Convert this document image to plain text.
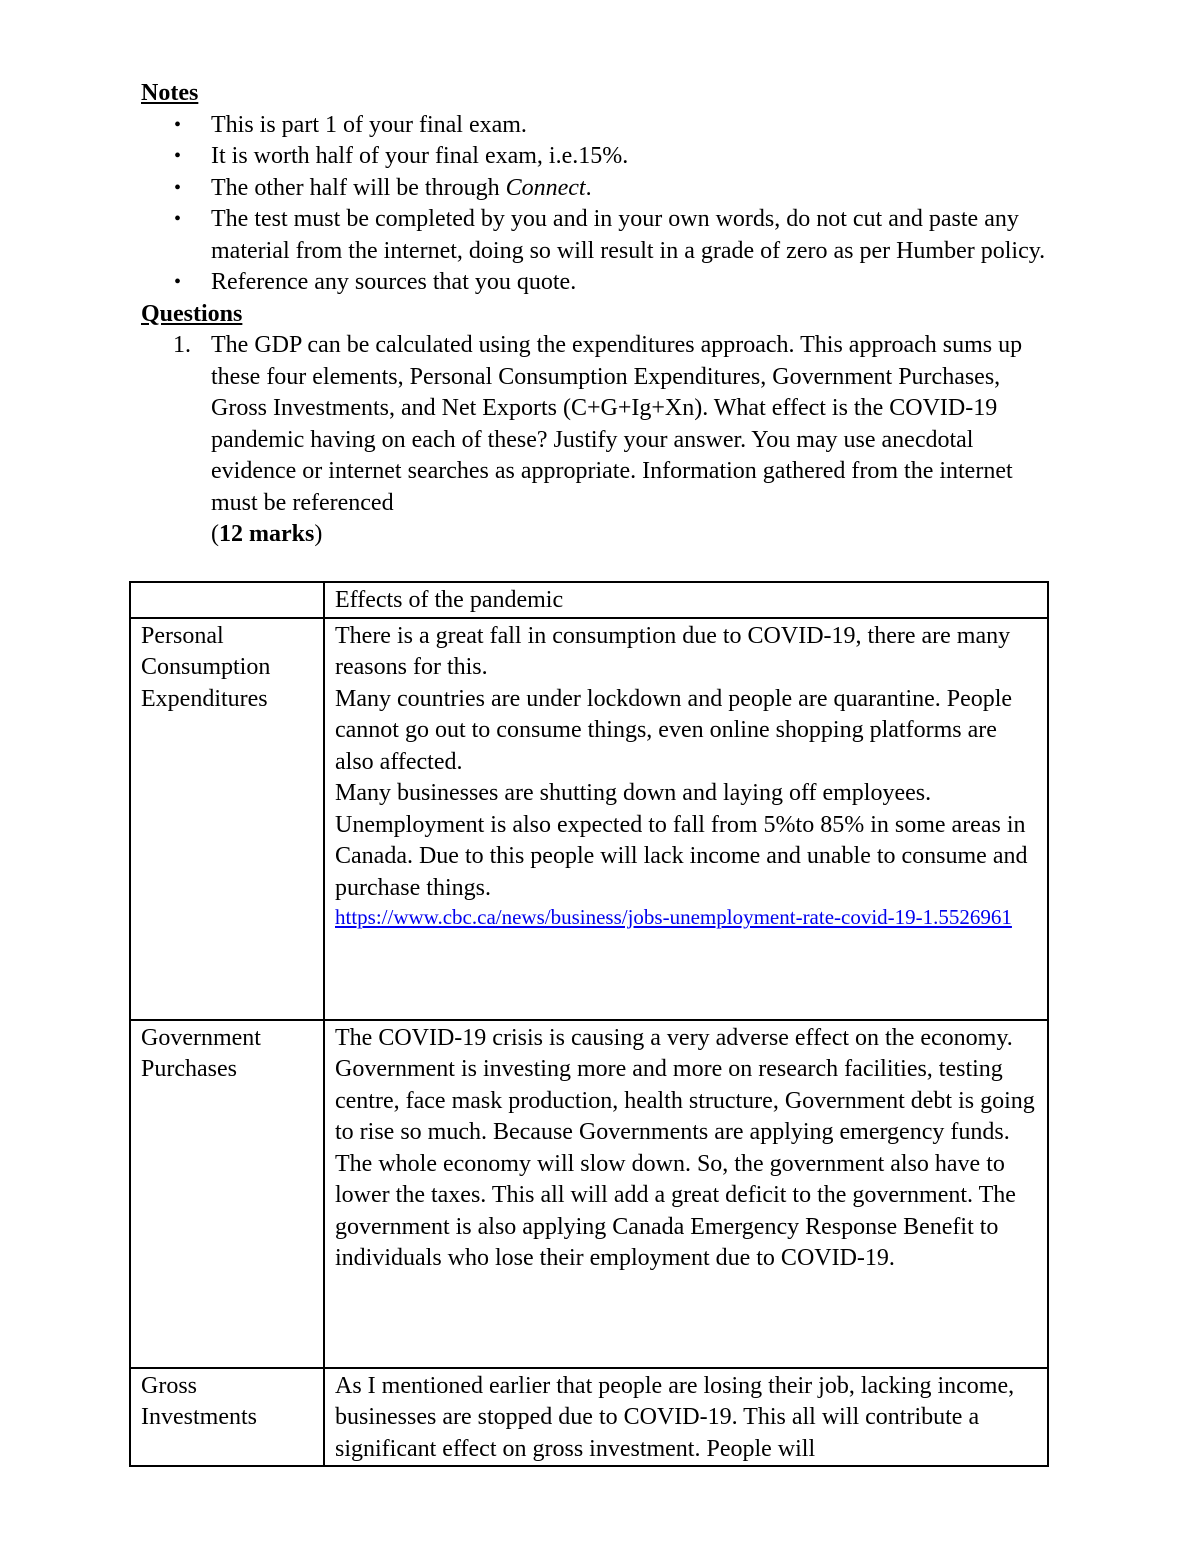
Notes

• This is part 1 of your final exam.
• It is worth half of your final exam, i.e.15%.
• The other half will be through Connect.
• The test must be completed by you and in your own words, do not cut and paste any material from the internet, doing so will result in a grade of zero as per Humber policy.
• Reference any sources that you quote.

Questions

1. The GDP can be calculated using the expenditures approach. This approach sums up these four elements, Personal Consumption Expenditures, Government Purchases, Gross Investments, and Net Exports (C+G+Ig+Xn). What effect is the COVID-19 pandemic having on each of these? Justify your answer. You may use anecdotal evidence or internet searches as appropriate. Information gathered from the internet must be referenced
(12 marks)
	Effects of the pandemic
Personal Consumption Expenditures	There is a great fall in consumption due to COVID-19, there are many reasons for this.
Many countries are under lockdown and people are quarantine. People cannot go out to consume things, even online shopping platforms are also affected.
Many businesses are shutting down and laying off employees. Unemployment is also expected to fall from 5%to 85% in some areas in Canada. Due to this people will lack income and unable to consume and purchase things.
https://www.cbc.ca/news/business/jobs-unemployment-rate-covid-19-1.5526961

Government Purchases	The COVID-19 crisis is causing a very adverse effect on the economy. Government is investing more and more on research facilities, testing centre, face mask production, health structure, Government debt is going to rise so much. Because Governments are applying emergency funds. The whole economy will slow down. So, the government also have to lower the taxes. This all will add a great deficit to the government. The government is also applying Canada Emergency Response Benefit to individuals who lose their employment due to COVID-19.

Gross Investments	As I mentioned earlier that people are losing their job, lacking income, businesses are stopped due to COVID-19. This all will contribute a significant effect on gross investment. People will
